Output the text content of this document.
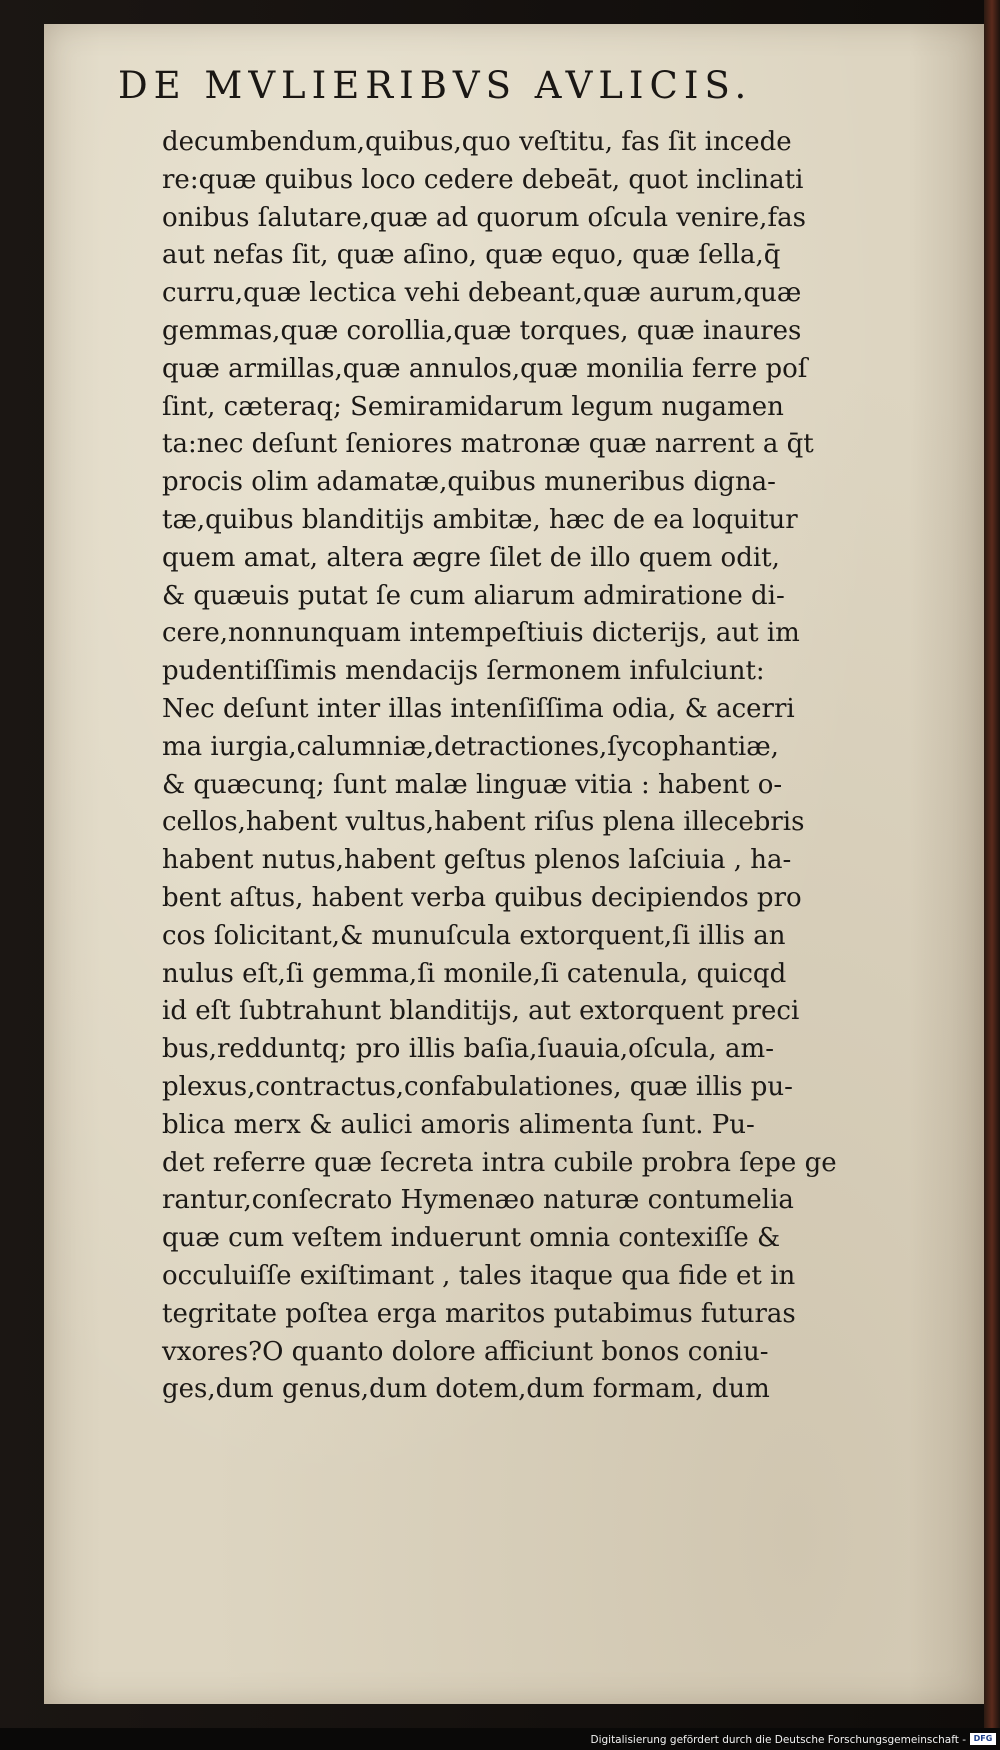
DE MVLIERIBVS AVLICIS.
decumbendum,quibus,quo veſtitu, fas ſit incede
re:quæ quibus loco cedere debeāt, quot inclinati
onibus ſalutare,quæ ad quorum oſcula venire,fas
aut nefas ſit, quæ aſino, quæ equo, quæ ſella,q̄
curru,quæ lectica vehi debeant,quæ aurum,quæ
gemmas,quæ corollia,quæ torques, quæ inaures
quæ armillas,quæ annulos,quæ monilia ferre poſ
ſint, cæteraq; Semiramidarum legum nugamen
ta:nec deſunt ſeniores matronæ quæ narrent a q̄t
procis olim adamatæ,quibus muneribus digna-
tæ,quibus blanditijs ambitæ, hæc de ea loquitur
quem amat, altera ægre ſilet de illo quem odit,
& quæuis putat ſe cum aliarum admiratione di-
cere,nonnunquam intempeſtiuis dicterijs, aut im
pudentiſſimis mendacijs ſermonem infulciunt:
Nec deſunt inter illas intenſiſſima odia, & acerri
ma iurgia,calumniæ,detractiones,ſycophantiæ,
& quæcunq; ſunt malæ linguæ vitia : habent o-
cellos,habent vultus,habent riſus plena illecebris
habent nutus,habent geſtus plenos laſciuia , ha-
bent aſtus, habent verba quibus decipiendos pro
cos ſolicitant,& munuſcula extorquent,ſi illis an
nulus eſt,ſi gemma,ſi monile,ſi catenula, quicqd
id eſt ſubtrahunt blanditijs, aut extorquent preci
bus,redduntq; pro illis baſia,ſuauia,oſcula, am-
plexus,contractus,confabulationes, quæ illis pu-
blica merx & aulici amoris alimenta ſunt. Pu-
det referre quæ ſecreta intra cubile probra ſepe ge
rantur,conſecrato Hymenæo naturæ contumelia
quæ cum veſtem induerunt omnia contexiſſe &
occuluiſſe exiſtimant , tales itaque qua fide et in
tegritate poſtea erga maritos putabimus futuras
vxores?O quanto dolore afficiunt bonos coniu-
ges,dum genus,dum dotem,dum formam, dum
Digitalisierung gefördert durch die Deutsche Forschungsgemeinschaft - DFG
